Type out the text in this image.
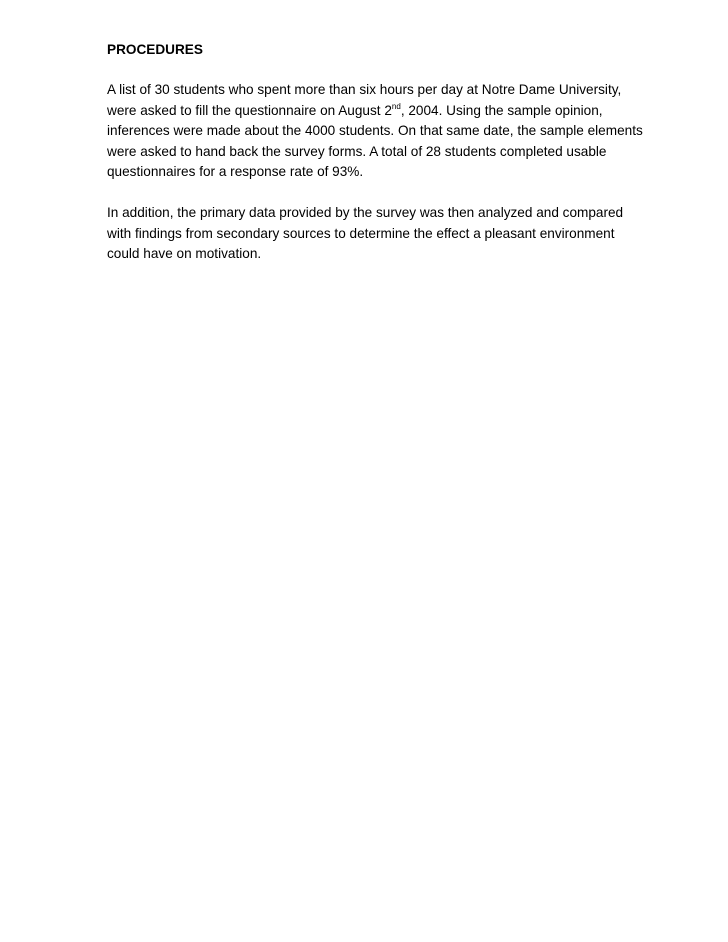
PROCEDURES
A list of 30 students who spent more than six hours per day at Notre Dame University,
were asked to fill the questionnaire on August 2nd, 2004. Using the sample opinion,
inferences were made about the 4000 students. On that same date, the sample elements
were asked to hand back the survey forms. A total of 28 students completed usable
questionnaires for a response rate of 93%.
In addition, the primary data provided by the survey was then analyzed and compared
with findings from secondary sources to determine the effect a pleasant environment
could have on motivation.
